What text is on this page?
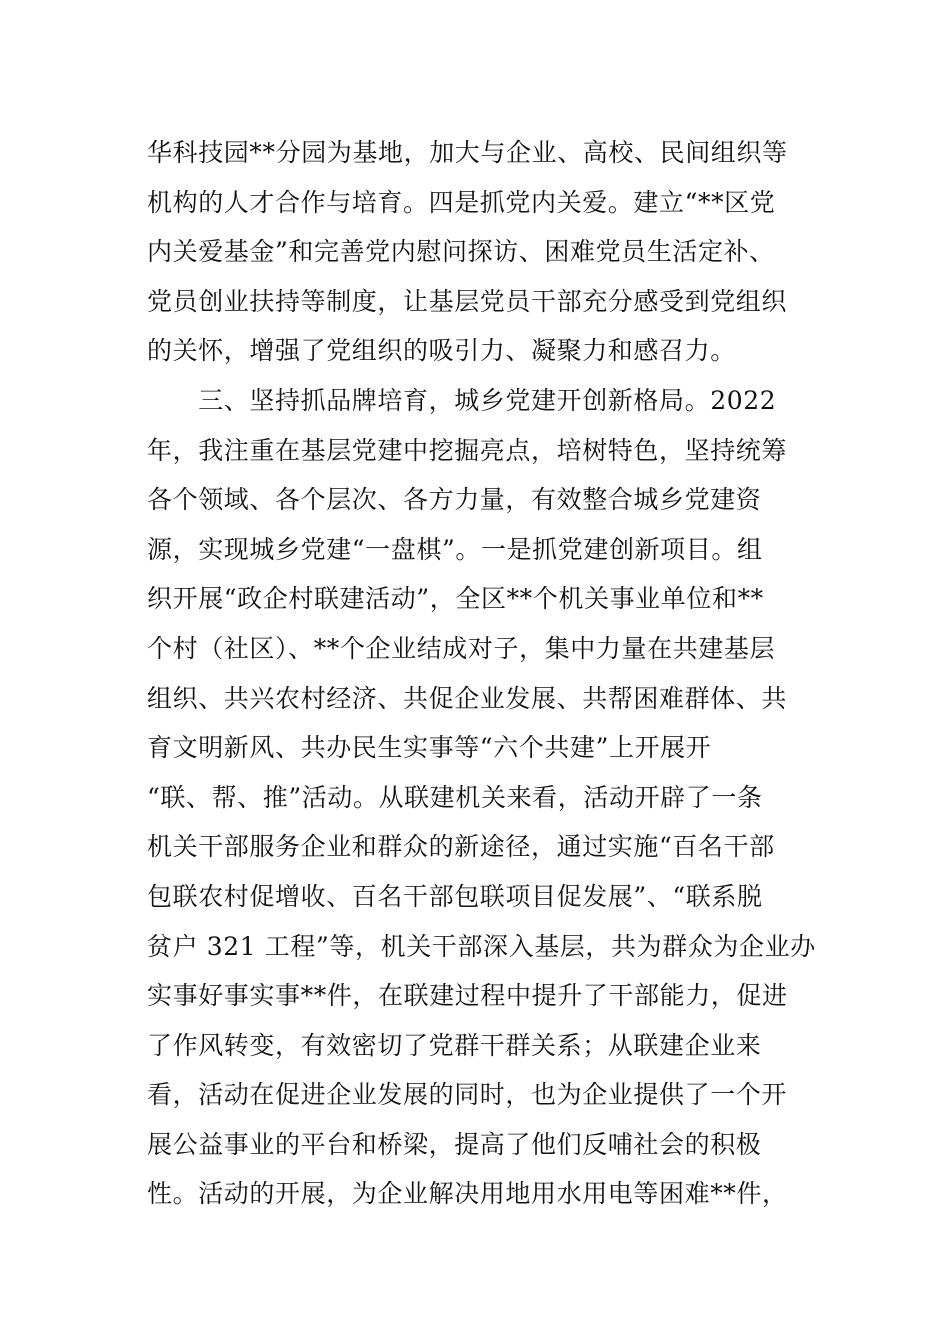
华科技园**分园为基地，加大与企业、高校、民间组织等
机构的人才合作与培育。四是抓党内关爱。建立“**区党
内关爱基金”和完善党内慰问探访、困难党员生活定补、
党员创业扶持等制度，让基层党员干部充分感受到党组织
的关怀，增强了党组织的吸引力、凝聚力和感召力。
　　三、坚持抓品牌培育，城乡党建开创新格局。2022
年，我注重在基层党建中挖掘亮点，培树特色，坚持统筹
各个领域、各个层次、各方力量，有效整合城乡党建资
源，实现城乡党建“一盘棋”。一是抓党建创新项目。组
织开展“政企村联建活动”，全区**个机关事业单位和**
个村（社区）、**个企业结成对子，集中力量在共建基层
组织、共兴农村经济、共促企业发展、共帮困难群体、共
育文明新风、共办民生实事等“六个共建”上开展开
“联、帮、推”活动。从联建机关来看，活动开辟了一条
机关干部服务企业和群众的新途径，通过实施“百名干部
包联农村促增收、百名干部包联项目促发展”、“联系脱
贫户 321 工程”等，机关干部深入基层，共为群众为企业办
实事好事实事**件，在联建过程中提升了干部能力，促进
了作风转变，有效密切了党群干群关系；从联建企业来
看，活动在促进企业发展的同时，也为企业提供了一个开
展公益事业的平台和桥梁，提高了他们反哺社会的积极
性。活动的开展，为企业解决用地用水用电等困难**件，
